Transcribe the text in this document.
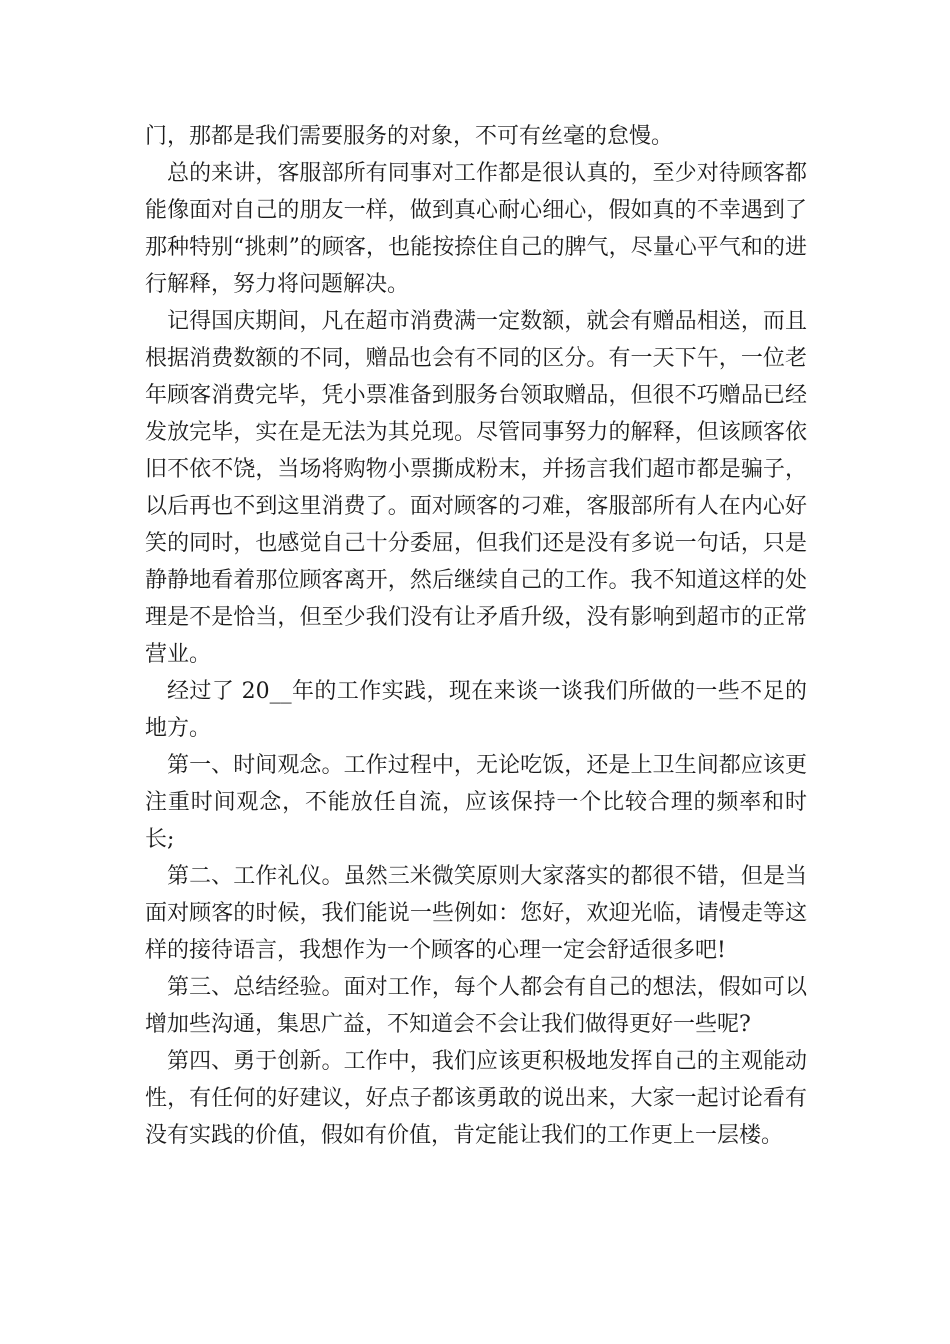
门，那都是我们需要服务的对象，不可有丝毫的怠慢。

总的来讲，客服部所有同事对工作都是很认真的，至少对待顾客都能像面对自己的朋友一样，做到真心耐心细心，假如真的不幸遇到了那种特别“挑刺”的顾客，也能按捺住自己的脾气，尽量心平气和的进行解释，努力将问题解决。

记得国庆期间，凡在超市消费满一定数额，就会有赠品相送，而且根据消费数额的不同，赠品也会有不同的区分。有一天下午，一位老年顾客消费完毕，凭小票准备到服务台领取赠品，但很不巧赠品已经发放完毕，实在是无法为其兑现。尽管同事努力的解释，但该顾客依旧不依不饶，当场将购物小票撕成粉末，并扬言我们超市都是骗子，以后再也不到这里消费了。面对顾客的刁难，客服部所有人在内心好笑的同时，也感觉自己十分委屈，但我们还是没有多说一句话，只是静静地看着那位顾客离开，然后继续自己的工作。我不知道这样的处理是不是恰当，但至少我们没有让矛盾升级，没有影响到超市的正常营业。

经过了 20__年的工作实践，现在来谈一谈我们所做的一些不足的地方。

第一、时间观念。工作过程中，无论吃饭，还是上卫生间都应该更注重时间观念，不能放任自流，应该保持一个比较合理的频率和时长;

第二、工作礼仪。虽然三米微笑原则大家落实的都很不错，但是当面对顾客的时候，我们能说一些例如：您好，欢迎光临，请慢走等这样的接待语言，我想作为一个顾客的心理一定会舒适很多吧!

第三、总结经验。面对工作，每个人都会有自己的想法，假如可以增加些沟通，集思广益，不知道会不会让我们做得更好一些呢?

第四、勇于创新。工作中，我们应该更积极地发挥自己的主观能动性，有任何的好建议，好点子都该勇敢的说出来，大家一起讨论看有没有实践的价值，假如有价值，肯定能让我们的工作更上一层楼。
